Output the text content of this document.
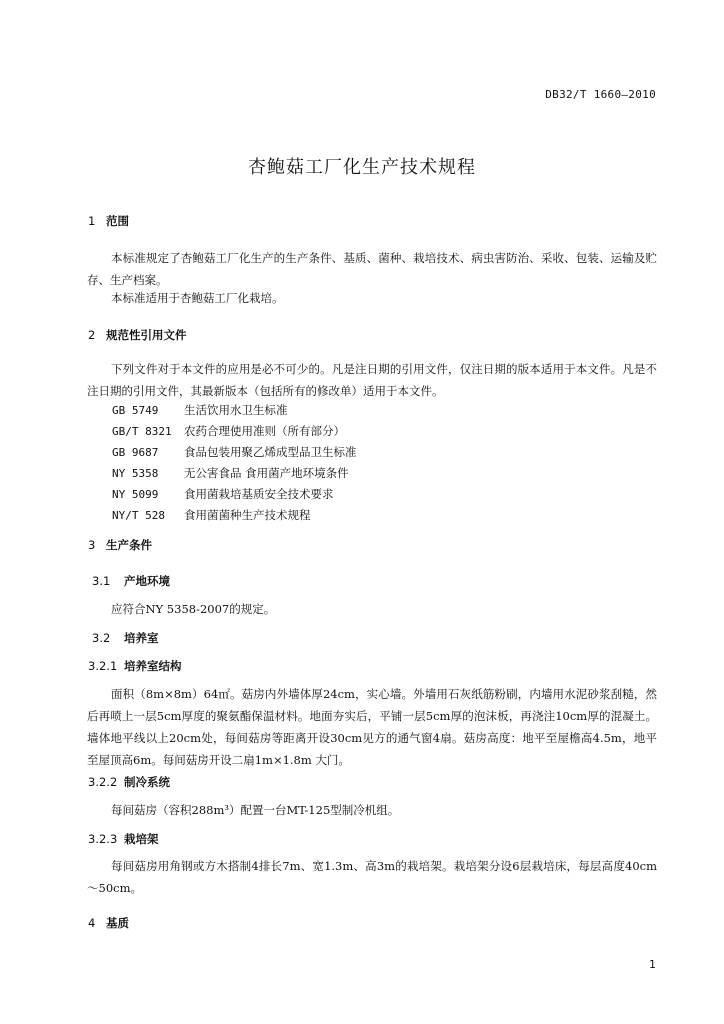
DB32/T 1660—2010
杏鲍菇工厂化生产技术规程
1 范围
本标准规定了杏鲍菇工厂化生产的生产条件、基质、菌种、栽培技术、病虫害防治、采收、包装、运输及贮存、生产档案。
本标准适用于杏鲍菇工厂化栽培。
2 规范性引用文件
下列文件对于本文件的应用是必不可少的。凡是注日期的引用文件，仅注日期的版本适用于本文件。凡是不注日期的引用文件，其最新版本（包括所有的修改单）适用于本文件。
GB 5749	生活饮用水卫生标准
GB/T 8321	农药合理使用准则（所有部分）
GB 9687	食品包装用聚乙烯成型品卫生标准
NY 5358	无公害食品 食用菌产地环境条件
NY 5099	食用菌栽培基质安全技术要求
NY/T 528	食用菌菌种生产技术规程
3 生产条件
3.1 产地环境
应符合NY 5358-2007的规定。
3.2 培养室
3.2.1 培养室结构
面积（8m×8m）64㎡。菇房内外墙体厚24cm，实心墙。外墙用石灰纸筋粉刷，内墙用水泥砂浆刮糙，然后再喷上一层5cm厚度的聚氨酯保温材料。地面夯实后，平铺一层5cm厚的泡沫板，再浇注10cm厚的混凝土。墙体地平线以上20cm处，每间菇房等距离开设30cm见方的通气窗4扇。菇房高度：地平至屋檐高4.5m，地平至屋顶高6m。每间菇房开设二扇1m×1.8m 大门。
3.2.2 制冷系统
每间菇房（容积288m³）配置一台MT-125型制冷机组。
3.2.3 栽培架
每间菇房用角钢或方木搭制4排长7m、宽1.3m、高3m的栽培架。栽培架分设6层栽培床，每层高度40cm～50cm。
4 基质
1
